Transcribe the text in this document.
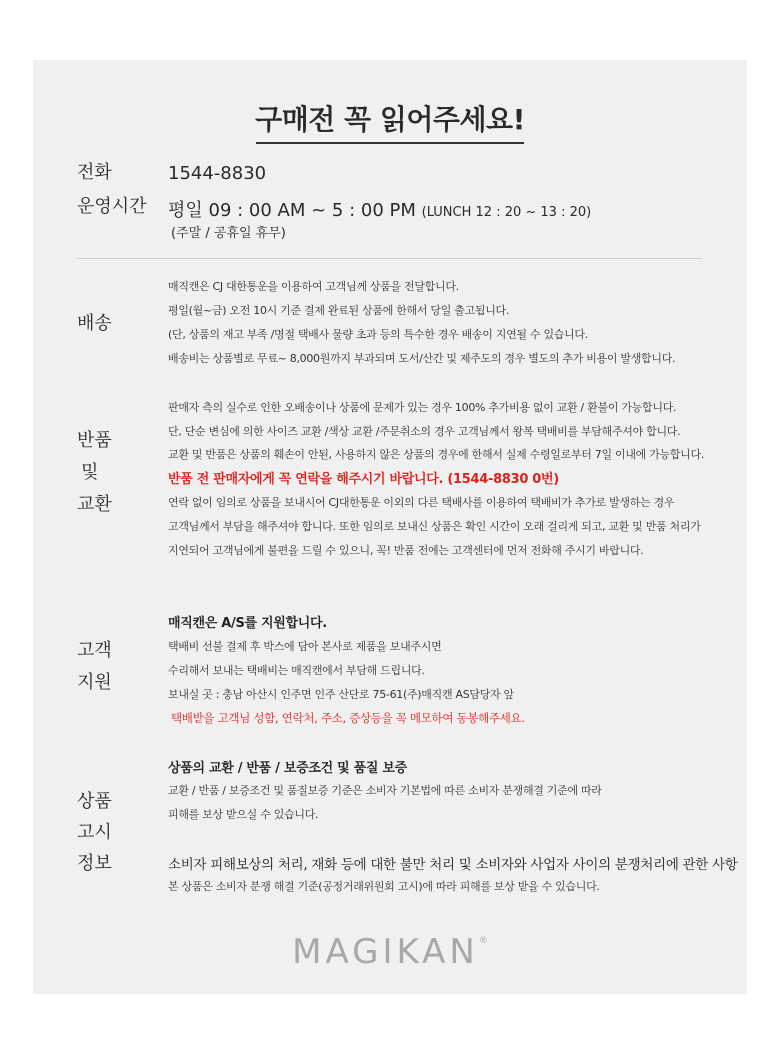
구매전 꼭 읽어주세요!
전화	1544-8830
운영시간 평일 09 : 00 AM ~ 5 : 00 PM (LUNCH 12 : 20 ~ 13 : 20)
(주말 / 공휴일 휴무)
배송
매직캔은 CJ 대한통운을 이용하여 고객님께 상품을 전달합니다.
평일(월~금) 오전 10시 기준 결제 완료된 상품에 한해서 당일 출고됩니다.
(단, 상품의 재고 부족 /명절 택배사 물량 초과 등의 특수한 경우 배송이 지연될 수 있습니다.
배송비는 상품별로 무료~ 8,000원까지 부과되며 도서/산간 및 제주도의 경우 별도의 추가 비용이 발생합니다.
반품
및
교환
판매자 측의 실수로 인한 오배송이나 상품에 문제가 있는 경우 100% 추가비용 없이 교환 / 환불이 가능합니다.
단, 단순 변심에 의한 사이즈 교환 /색상 교환 /주문취소의 경우 고객님께서 왕복 택배비를 부담해주셔야 합니다.
교환 및 반품은 상품의 훼손이 안된, 사용하지 않은 상품의 경우에 한해서 실제 수령일로부터 7일 이내에 가능합니다.
반품 전 판매자에게 꼭 연락을 해주시기 바랍니다. (1544-8830 0번)
연락 없이 임의로 상품을 보내시어 CJ대한통운 이외의 다른 택배사를 이용하여 택배비가 추가로 발생하는 경우
고객님께서 부담을 해주셔야 합니다. 또한 임의로 보내신 상품은 확인 시간이 오래 걸리게 되고, 교환 및 반품 처리가
지연되어 고객님에게 불편을 드릴 수 있으니, 꼭! 반품 전에는 고객센터에 먼저 전화해 주시기 바랍니다.
고객
지원
매직캔은 A/S를 지원합니다.
택배비 선불 결제 후 박스에 담아 본사로 제품을 보내주시면
수리해서 보내는 택배비는 매직캔에서 부담해 드립니다.
보내실 곳 : 충남 아산시 인주면 인주 산단로 75-61(주)매직캔 AS담당자 앞
택배받을 고객님 성함, 연락처, 주소, 증상등을 꼭 메모하여 동봉해주세요.
상품
고시
정보
상품의 교환 / 반품 / 보증조건 및 품질 보증
교환 / 반품 / 보증조건 및 품질보증 기준은 소비자 기본법에 따른 소비자 분쟁해결 기준에 따라
피해를 보상 받으실 수 있습니다.
소비자 피해보상의 처리, 재화 등에 대한 불만 처리 및 소비자와 사업자 사이의 분쟁처리에 관한 사항
본 상품은 소비자 분쟁 해결 기준(공정거래위원회 고시)에 따라 피해를 보상 받을 수 있습니다.
MAGIKAN®
